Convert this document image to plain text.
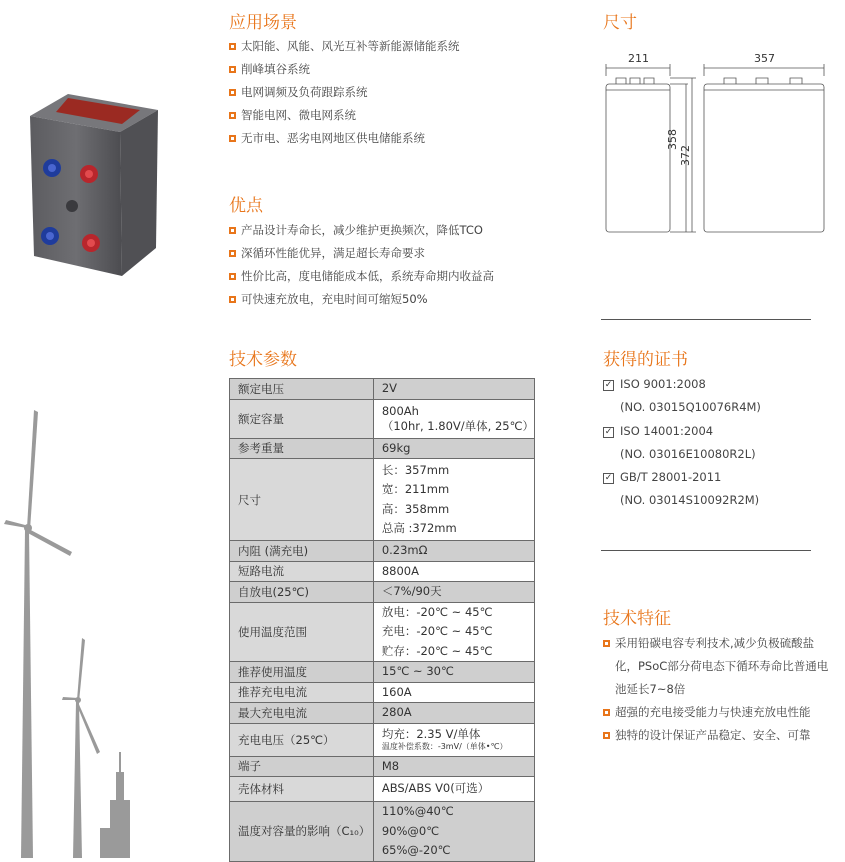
应用场景
太阳能、风能、风光互补等新能源储能系统
削峰填谷系统
电网调频及负荷跟踪系统
智能电网、微电网系统
无市电、恶劣电网地区供电储能系统
优点
产品设计寿命长，减少维护更换频次，降低TCO
深循环性能优异，满足超长寿命要求
性价比高，度电储能成本低，系统寿命期内收益高
可快速充放电，充电时间可缩短50%
技术参数
额定电压	2V

额定容量	800Ah
（10hr, 1.80V/单体, 25℃）

参考重量	69kg

尺寸	长：357mm
宽：211mm
高：358mm
总高 :372mm

内阻 (满充电)	0.23mΩ

短路电流	8800A

自放电(25℃)	＜7%/90天

使用温度范围	放电：-20℃ ~ 45℃
充电：-20℃ ~ 45℃
贮存：-20℃ ~ 45℃

推荐使用温度	15℃ ~ 30℃

推荐充电电流	160A

最大充电电流	280A

充电电压（25℃）	均充：2.35 V/单体
温度补偿系数：-3mV/（单体•℃）

端子	M8

壳体材料	ABS/ABS V0(可选）

温度对容量的影响（C₁₀）	110%@40℃
90%@0℃
65%@-20℃
尺寸
211	357
358
372
获得的证书
✓ ISO 9001:2008
(NO. 03015Q10076R4M)
✓ ISO 14001:2004
(NO. 03016E10080R2L)
✓ GB/T 28001-2011
(NO. 03014S10092R2M)
技术特征
采用铅碳电容专利技术,减少负极硫酸盐化，PSoC部分荷电态下循环寿命比普通电池延长7~8倍
超强的充电接受能力与快速充放电性能
独特的设计保证产品稳定、安全、可靠
